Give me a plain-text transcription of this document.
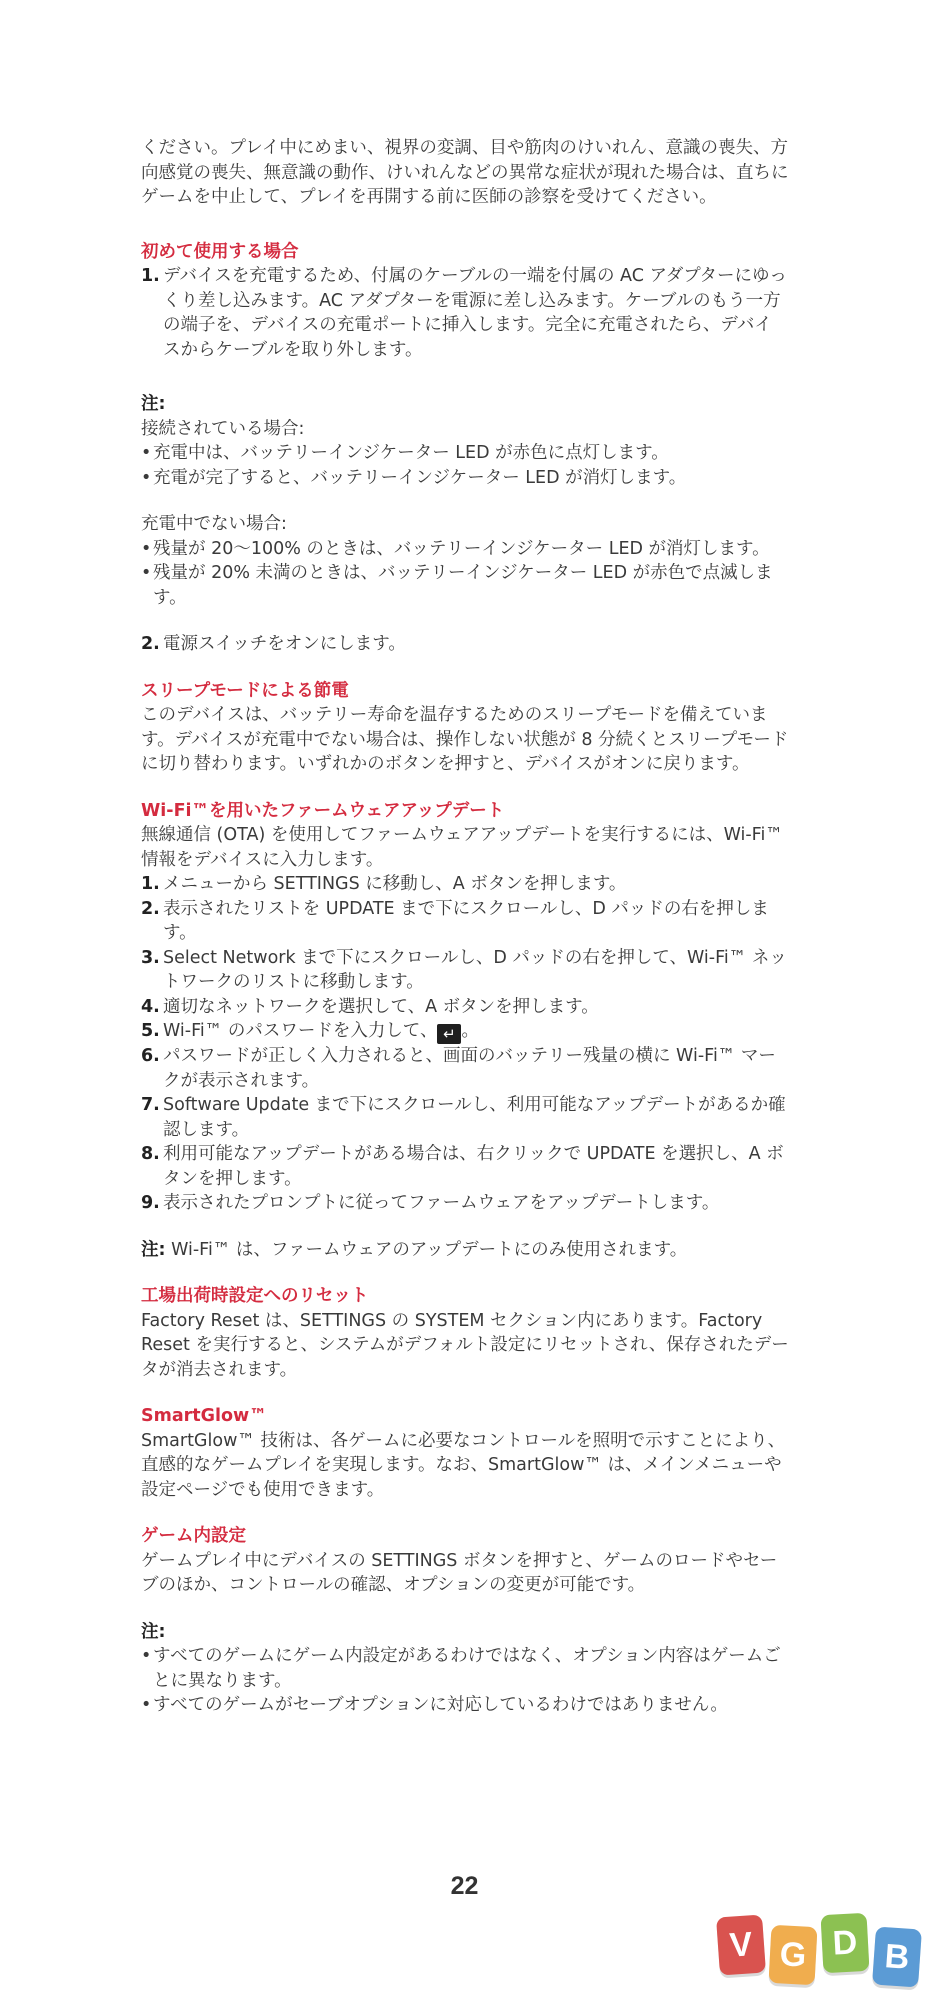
ください。プレイ中にめまい、視界の変調、目や筋肉のけいれん、意識の喪失、方向感覚の喪失、無意識の動作、けいれんなどの異常な症状が現れた場合は、直ちにゲームを中止して、プレイを再開する前に医師の診察を受けてください。

初めて使用する場合
1. デバイスを充電するため、付属のケーブルの一端を付属の AC アダプターにゆっくり差し込みます。AC アダプターを電源に差し込みます。ケーブルのもう一方の端子を、デバイスの充電ポートに挿入します。完全に充電されたら、デバイスからケーブルを取り外します。

注:

接続されている場合:

• 充電中は、バッテリーインジケーター LED が赤色に点灯します。
• 充電が完了すると、バッテリーインジケーター LED が消灯します。

充電中でない場合:

• 残量が 20〜100% のときは、バッテリーインジケーター LED が消灯します。
• 残量が 20% 未満のときは、バッテリーインジケーター LED が赤色で点滅します。
2. 電源スイッチをオンにします。
スリープモードによる節電

このデバイスは、バッテリー寿命を温存するためのスリープモードを備えています。デバイスが充電中でない場合は、操作しない状態が 8 分続くとスリープモードに切り替わります。いずれかのボタンを押すと、デバイスがオンに戻ります。

Wi-Fi™を用いたファームウェアアップデート

無線通信 (OTA) を使用してファームウェアアップデートを実行するには、Wi-Fi™ 情報をデバイスに入力します。

1. メニューから SETTINGS に移動し、A ボタンを押します。
2. 表示されたリストを UPDATE まで下にスクロールし、D パッドの右を押します。
3. Select Network まで下にスクロールし、D パッドの右を押して、Wi-Fi™ ネットワークのリストに移動します。
4. 適切なネットワークを選択して、A ボタンを押します。
5. Wi-Fi™ のパスワードを入力して、 ↵ 。
6. パスワードが正しく入力されると、画面のバッテリー残量の横に Wi-Fi™ マークが表示されます。
7. Software Update まで下にスクロールし、利用可能なアップデートがあるか確認します。
8. 利用可能なアップデートがある場合は、右クリックで UPDATE を選択し、A ボタンを押します。
9. 表示されたプロンプトに従ってファームウェアをアップデートします。

注: Wi-Fi™ は、ファームウェアのアップデートにのみ使用されます。

工場出荷時設定へのリセット

Factory Reset は、SETTINGS の SYSTEM セクション内にあります。Factory Reset を実行すると、システムがデフォルト設定にリセットされ、保存されたデータが消去されます。

SmartGlow™

SmartGlow™ 技術は、各ゲームに必要なコントロールを照明で示すことにより、直感的なゲームプレイを実現します。なお、SmartGlow™ は、メインメニューや設定ページでも使用できます。

ゲーム内設定

ゲームプレイ中にデバイスの SETTINGS ボタンを押すと、ゲームのロードやセーブのほか、コントロールの確認、オプションの変更が可能です。

注:

• すべてのゲームにゲーム内設定があるわけではなく、オプション内容はゲームごとに異なります。
• すべてのゲームがセーブオプションに対応しているわけではありません。
22
V G D B
